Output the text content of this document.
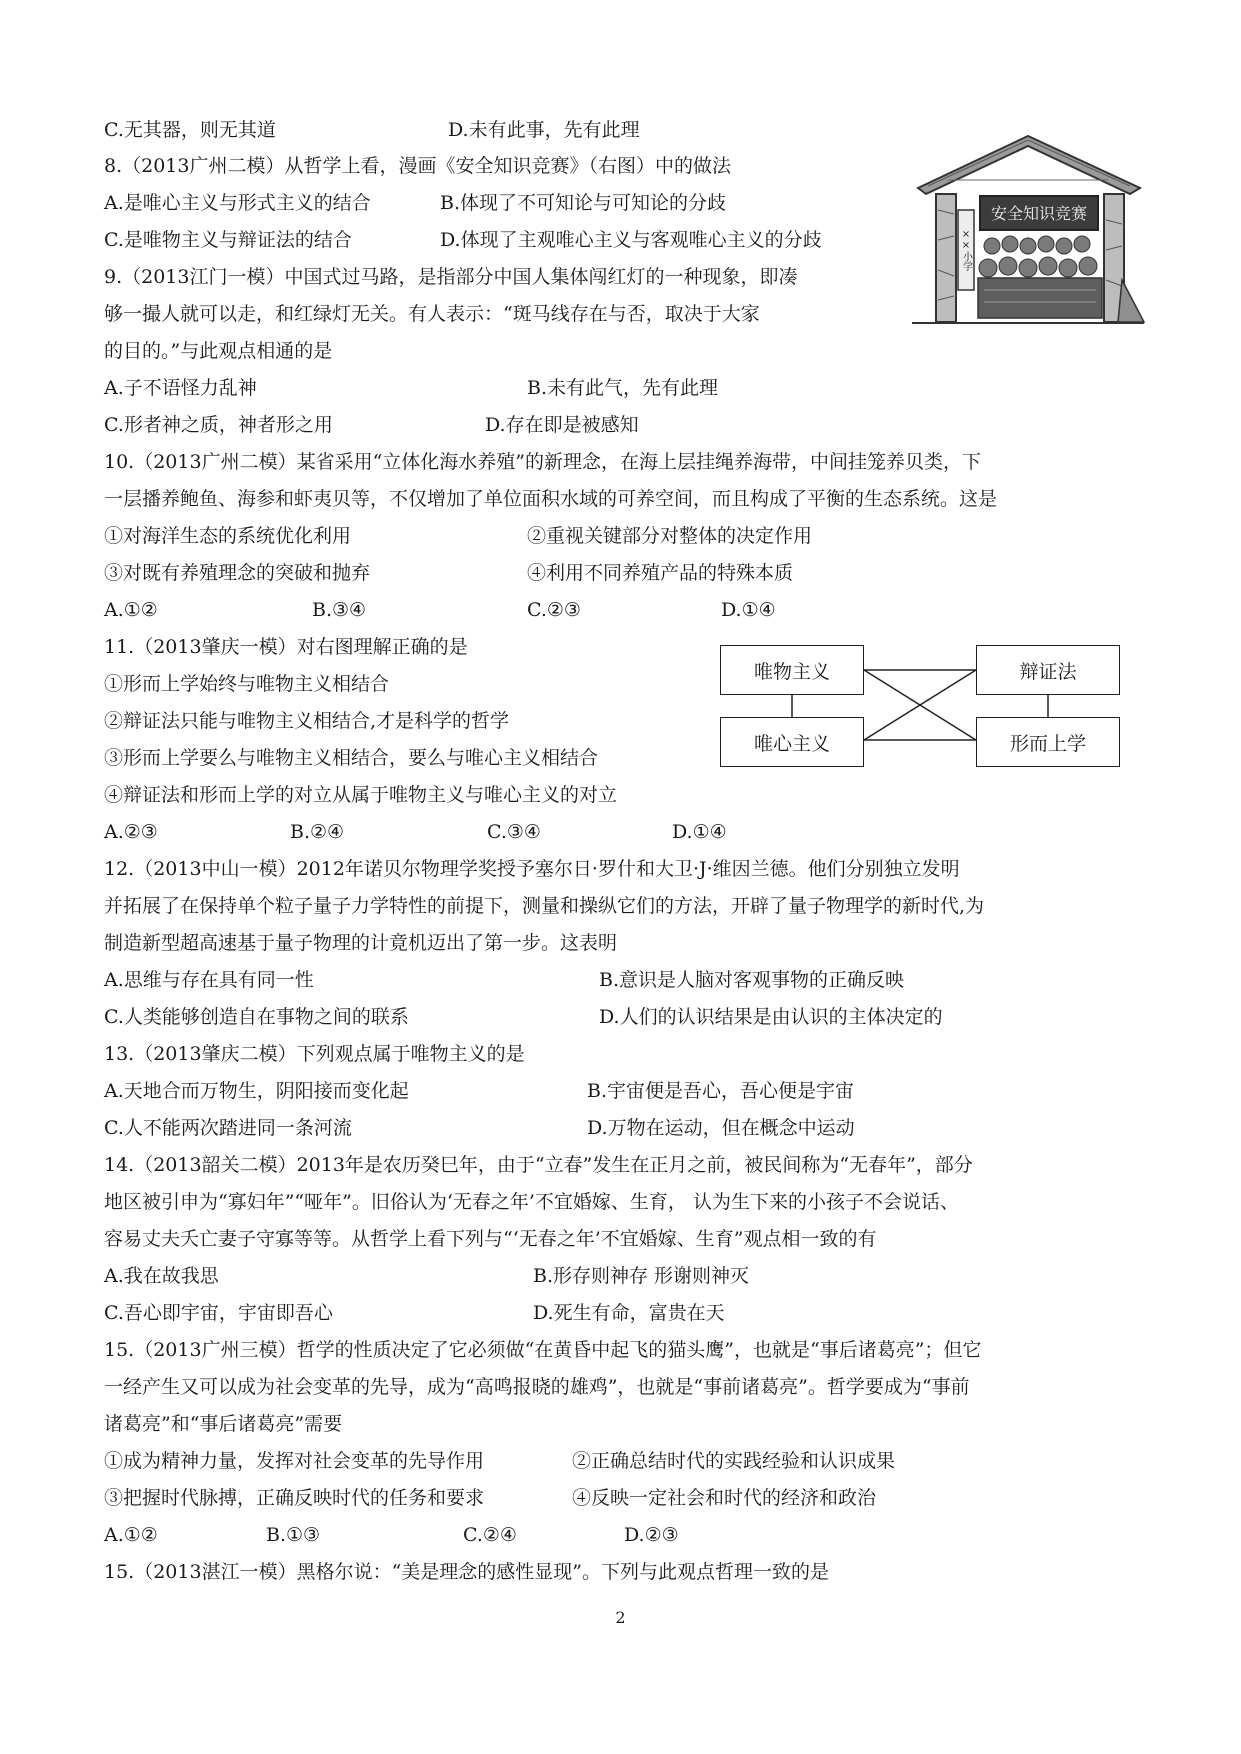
C.无其器，则无其道	D.未有此事，先有此理
8.（2013广州二模）从哲学上看，漫画《安全知识竞赛》（右图）中的做法
A.是唯心主义与形式主义的结合	B.体现了不可知论与可知论的分歧
C.是唯物主义与辩证法的结合	D.体现了主观唯心主义与客观唯心主义的分歧	××小学
安全知识竞赛
9.（2013江门一模）中国式过马路，是指部分中国人集体闯红灯的一种现象，即凑
够一撮人就可以走，和红绿灯无关。有人表示：“斑马线存在与否，取决于大家
的目的。”与此观点相通的是
A.子不语怪力乱神	B.未有此气，先有此理
C.形者神之质，神者形之用	D.存在即是被感知
10.（2013广州二模）某省采用“立体化海水养殖”的新理念，在海上层挂绳养海带，中间挂笼养贝类，下
一层播养鲍鱼、海参和虾夷贝等，不仅增加了单位面积水域的可养空间，而且构成了平衡的生态系统。这是
①对海洋生态的系统优化利用	②重视关键部分对整体的决定作用
③对既有养殖理念的突破和抛弃	④利用不同养殖产品的特殊本质
A.①②	B.③④	C.②③	D.①④
11.（2013肇庆一模）对右图理解正确的是
①形而上学始终与唯物主义相结合
②辩证法只能与唯物主义相结合,才是科学的哲学
③形而上学要么与唯物主义相结合，要么与唯心主义相结合
④辩证法和形而上学的对立从属于唯物主义与唯心主义的对立
A.②③	B.②④	C.③④	D.①④
唯物主义	辩证法
唯心主义	形而上学
12.（2013中山一模）2012年诺贝尔物理学奖授予塞尔日·罗什和大卫·J·维因兰德。他们分别独立发明
并拓展了在保持单个粒子量子力学特性的前提下，测量和操纵它们的方法，开辟了量子物理学的新时代,为
制造新型超高速基于量子物理的计竟机迈出了第一步。这表明
A.思维与存在具有同一性	B.意识是人脑对客观事物的正确反映
C.人类能够创造自在事物之间的联系	D.人们的认识结果是由认识的主体决定的
13.（2013肇庆二模）下列观点属于唯物主义的是
A.天地合而万物生，阴阳接而变化起	B.宇宙便是吾心，吾心便是宇宙
C.人不能两次踏进同一条河流	D.万物在运动，但在概念中运动
14.（2013韶关二模）2013年是农历癸巳年，由于“立春”发生在正月之前，被民间称为“无春年”，部分
地区被引申为“寡妇年”“哑年”。旧俗认为‘无春之年’不宜婚嫁、生育， 认为生下来的小孩子不会说话、
容易丈夫夭亡妻子守寡等等。从哲学上看下列与“‘无春之年’不宜婚嫁、生育”观点相一致的有
A.我在故我思	B.形存则神存 形谢则神灭
C.吾心即宇宙，宇宙即吾心	D.死生有命，富贵在天
15.（2013广州三模）哲学的性质决定了它必须做“在黄昏中起飞的猫头鹰”，也就是“事后诸葛亮”；但它
一经产生又可以成为社会变革的先导，成为“高鸣报晓的雄鸡”，也就是“事前诸葛亮”。哲学要成为“事前
诸葛亮”和“事后诸葛亮”需要
①成为精神力量，发挥对社会变革的先导作用	②正确总结时代的实践经验和认识成果
③把握时代脉搏，正确反映时代的任务和要求	④反映一定社会和时代的经济和政治
A.①②	B.①③	C.②④	D.②③
15.（2013湛江一模）黑格尔说：“美是理念的感性显现”。下列与此观点哲理一致的是
2
